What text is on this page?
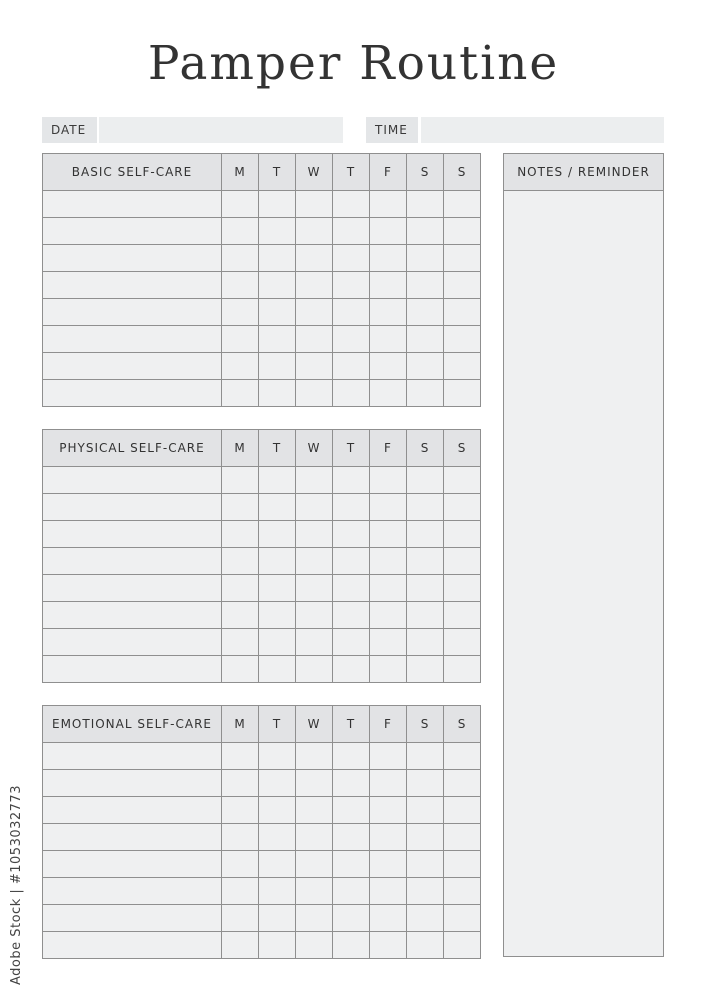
Pamper Routine
DATE	TIME
BASIC SELF-CARE	M	T	W	T	F	S	S

PHYSICAL SELF-CARE	M	T	W	T	F	S	S

EMOTIONAL SELF-CARE	M	T	W	T	F	S	S

NOTES / REMINDER
Adobe Stock | #1053032773
